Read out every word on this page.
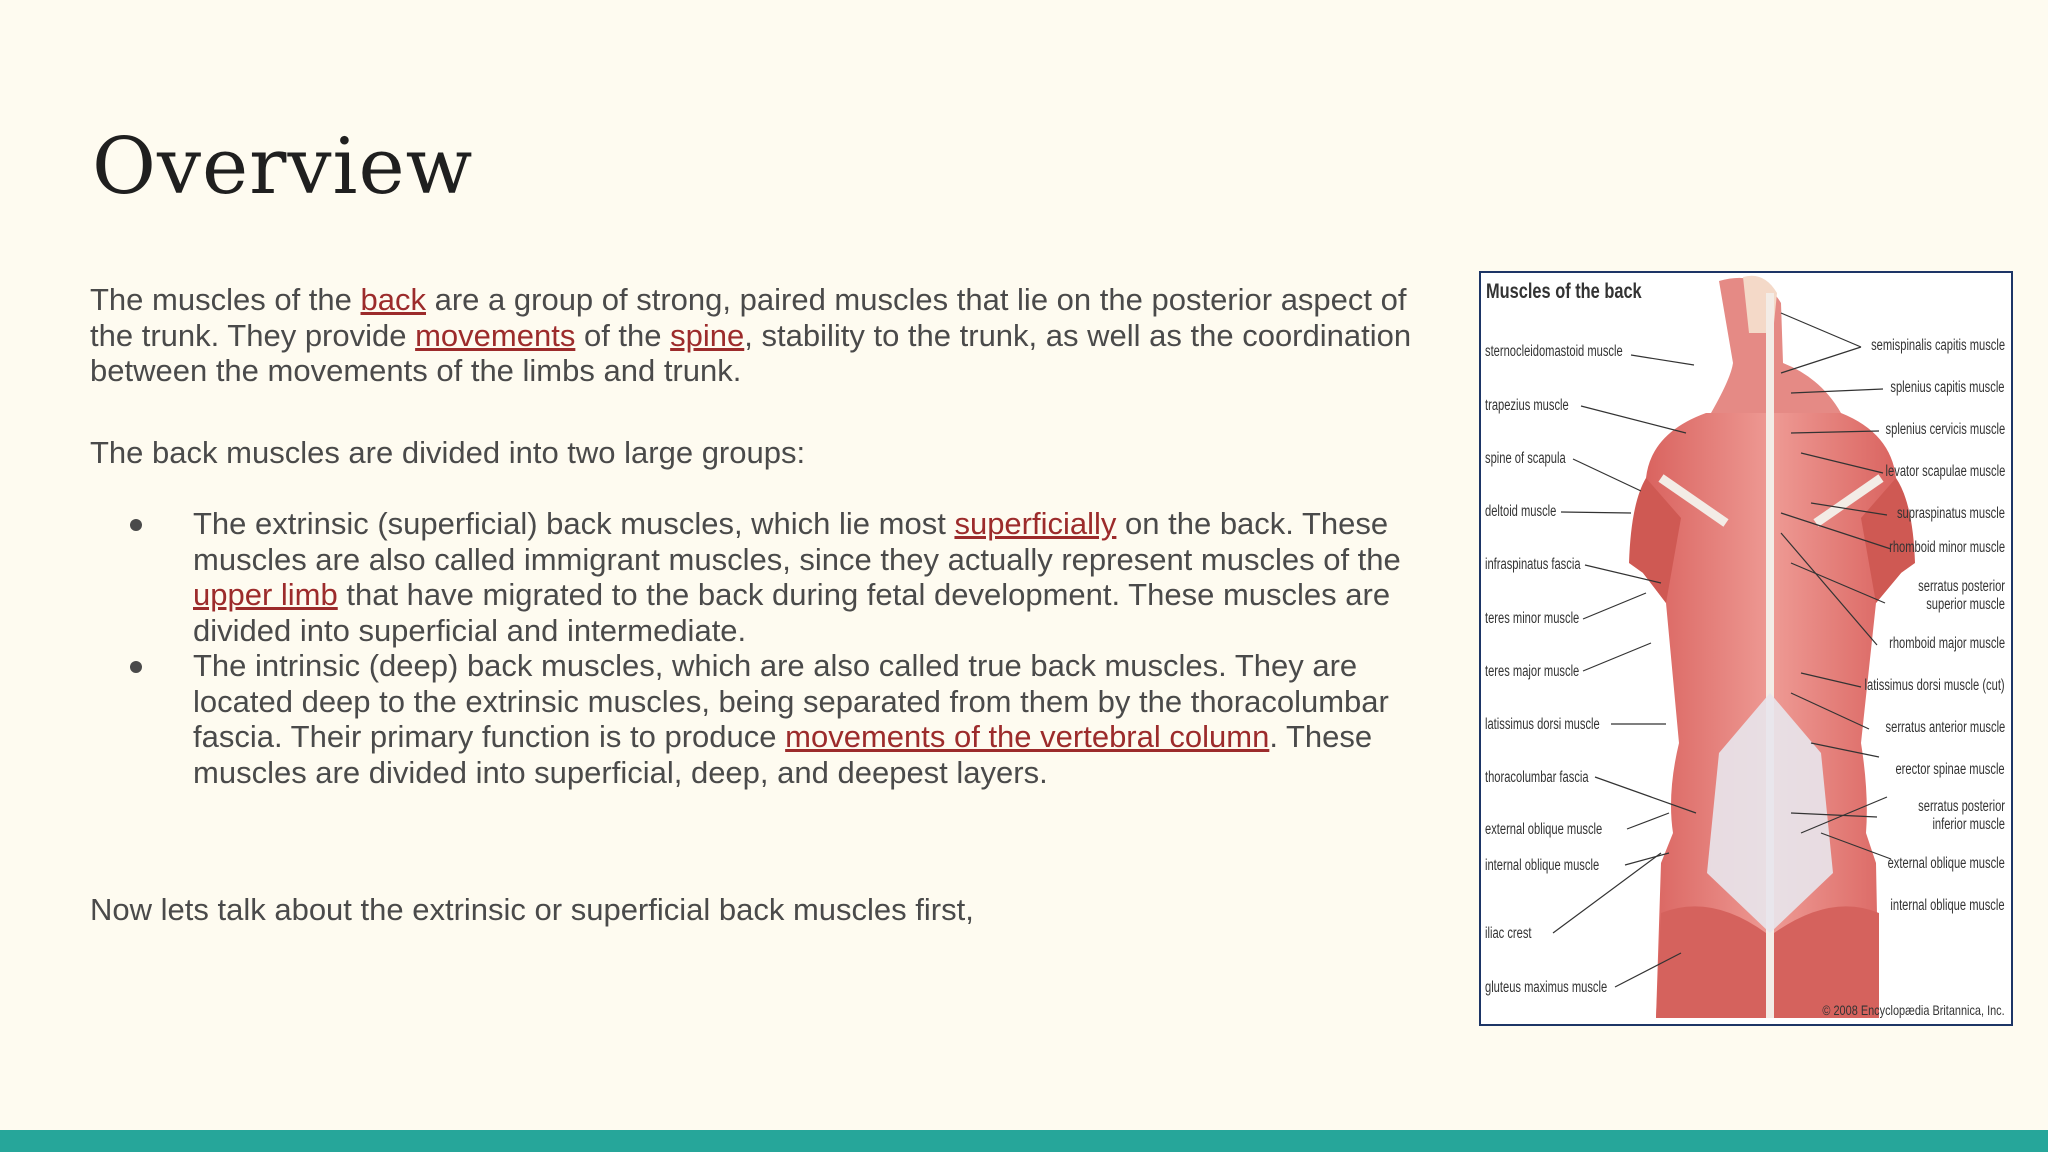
Overview

The muscles of the back are a group of strong, paired muscles that lie on the posterior aspect of the trunk. They provide movements of the spine, stability to the trunk, as well as the coordination between the movements of the limbs and trunk.

The back muscles are divided into two large groups:

The extrinsic (superficial) back muscles, which lie most superficially on the back. These muscles are also called immigrant muscles, since they actually represent muscles of the upper limb that have migrated to the back during fetal development. These muscles are divided into superficial and intermediate.
The intrinsic (deep) back muscles, which are also called true back muscles. They are located deep to the extrinsic muscles, being separated from them by the thoracolumbar fascia. Their primary function is to produce movements of the vertebral column. These muscles are divided into superficial, deep, and deepest layers.

Now lets talk about the extrinsic or superficial back muscles first,

Muscles of the back
sternocleidomastoid muscle
trapezius muscle
spine of scapula
deltoid muscle
infraspinatus fascia
teres minor muscle
teres major muscle
latissimus dorsi muscle
thoracolumbar fascia
external oblique muscle
internal oblique muscle
iliac crest
gluteus maximus muscle
semispinalis capitis muscle
splenius capitis muscle
splenius cervicis muscle
levator scapulae muscle
supraspinatus muscle
rhomboid minor muscle
serratus posterior superior muscle
rhomboid major muscle
latissimus dorsi muscle (cut)
serratus anterior muscle
erector spinae muscle
serratus posterior inferior muscle
external oblique muscle
internal oblique muscle
© 2008 Encyclopædia Britannica, Inc.
